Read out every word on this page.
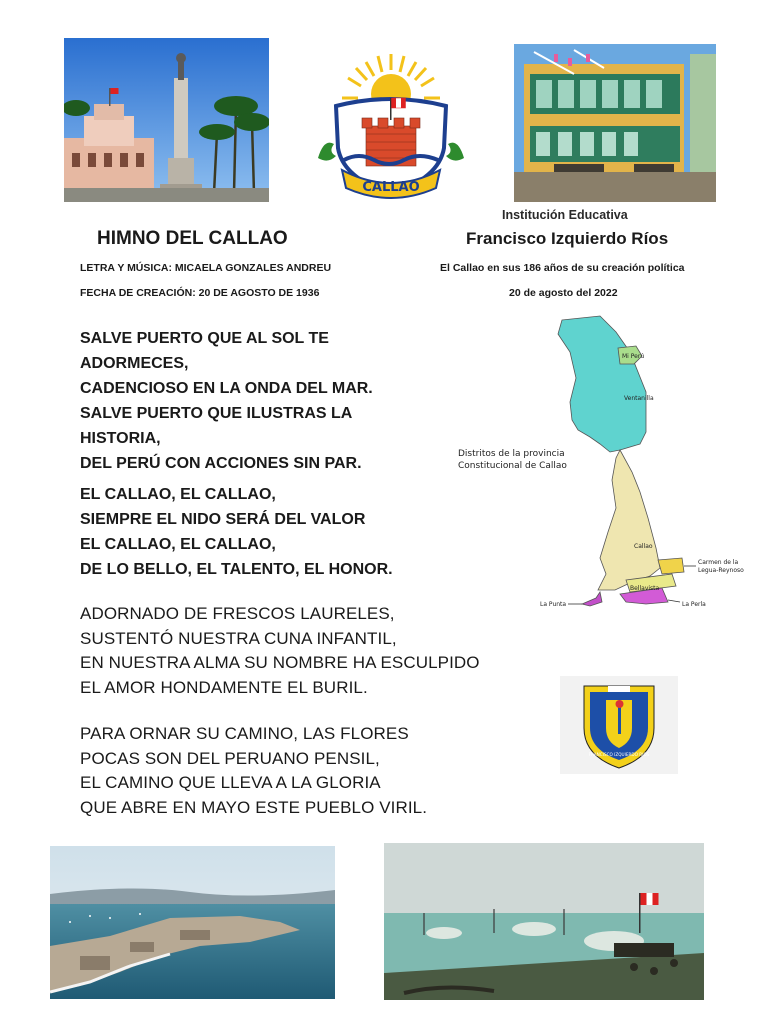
CALLAO
HIMNO DEL CALLAO
Institución Educativa
Francisco Izquierdo Ríos
LETRA Y MÚSICA: MICAELA GONZALES ANDREU	El Callao en sus 186 años de su creación política
FECHA DE CREACIÓN: 20 DE AGOSTO DE 1936	20 de agosto del 2022
SALVE PUERTO QUE AL SOL TE
ADORMECES,
CADENCIOSO EN LA ONDA DEL MAR.
SALVE PUERTO QUE ILUSTRAS LA
HISTORIA,
DEL PERÚ CON ACCIONES SIN PAR.
EL CALLAO, EL CALLAO,
SIEMPRE EL NIDO SERÁ DEL VALOR
EL CALLAO, EL CALLAO,
DE LO BELLO, EL TALENTO, EL HONOR.
ADORNADO DE FRESCOS LAURELES,
SUSTENTÓ NUESTRA CUNA INFANTIL,
EN NUESTRA ALMA SU NOMBRE HA ESCULPIDO
EL AMOR HONDAMENTE EL BURIL.
PARA ORNAR SU CAMINO, LAS FLORES
POCAS SON DEL PERUANO PENSIL,
EL CAMINO QUE LLEVA A LA GLORIA
QUE ABRE EN MAYO ESTE PUEBLO VIRIL.
Mi Perú
Ventanilla
Callao
Carmen de la
Legua-Reynoso
Bellavista
La Punta	La Perla
Distritos de la provincia
Constitucional de Callao
FRANCISCO IZQUIERDO RIOS
